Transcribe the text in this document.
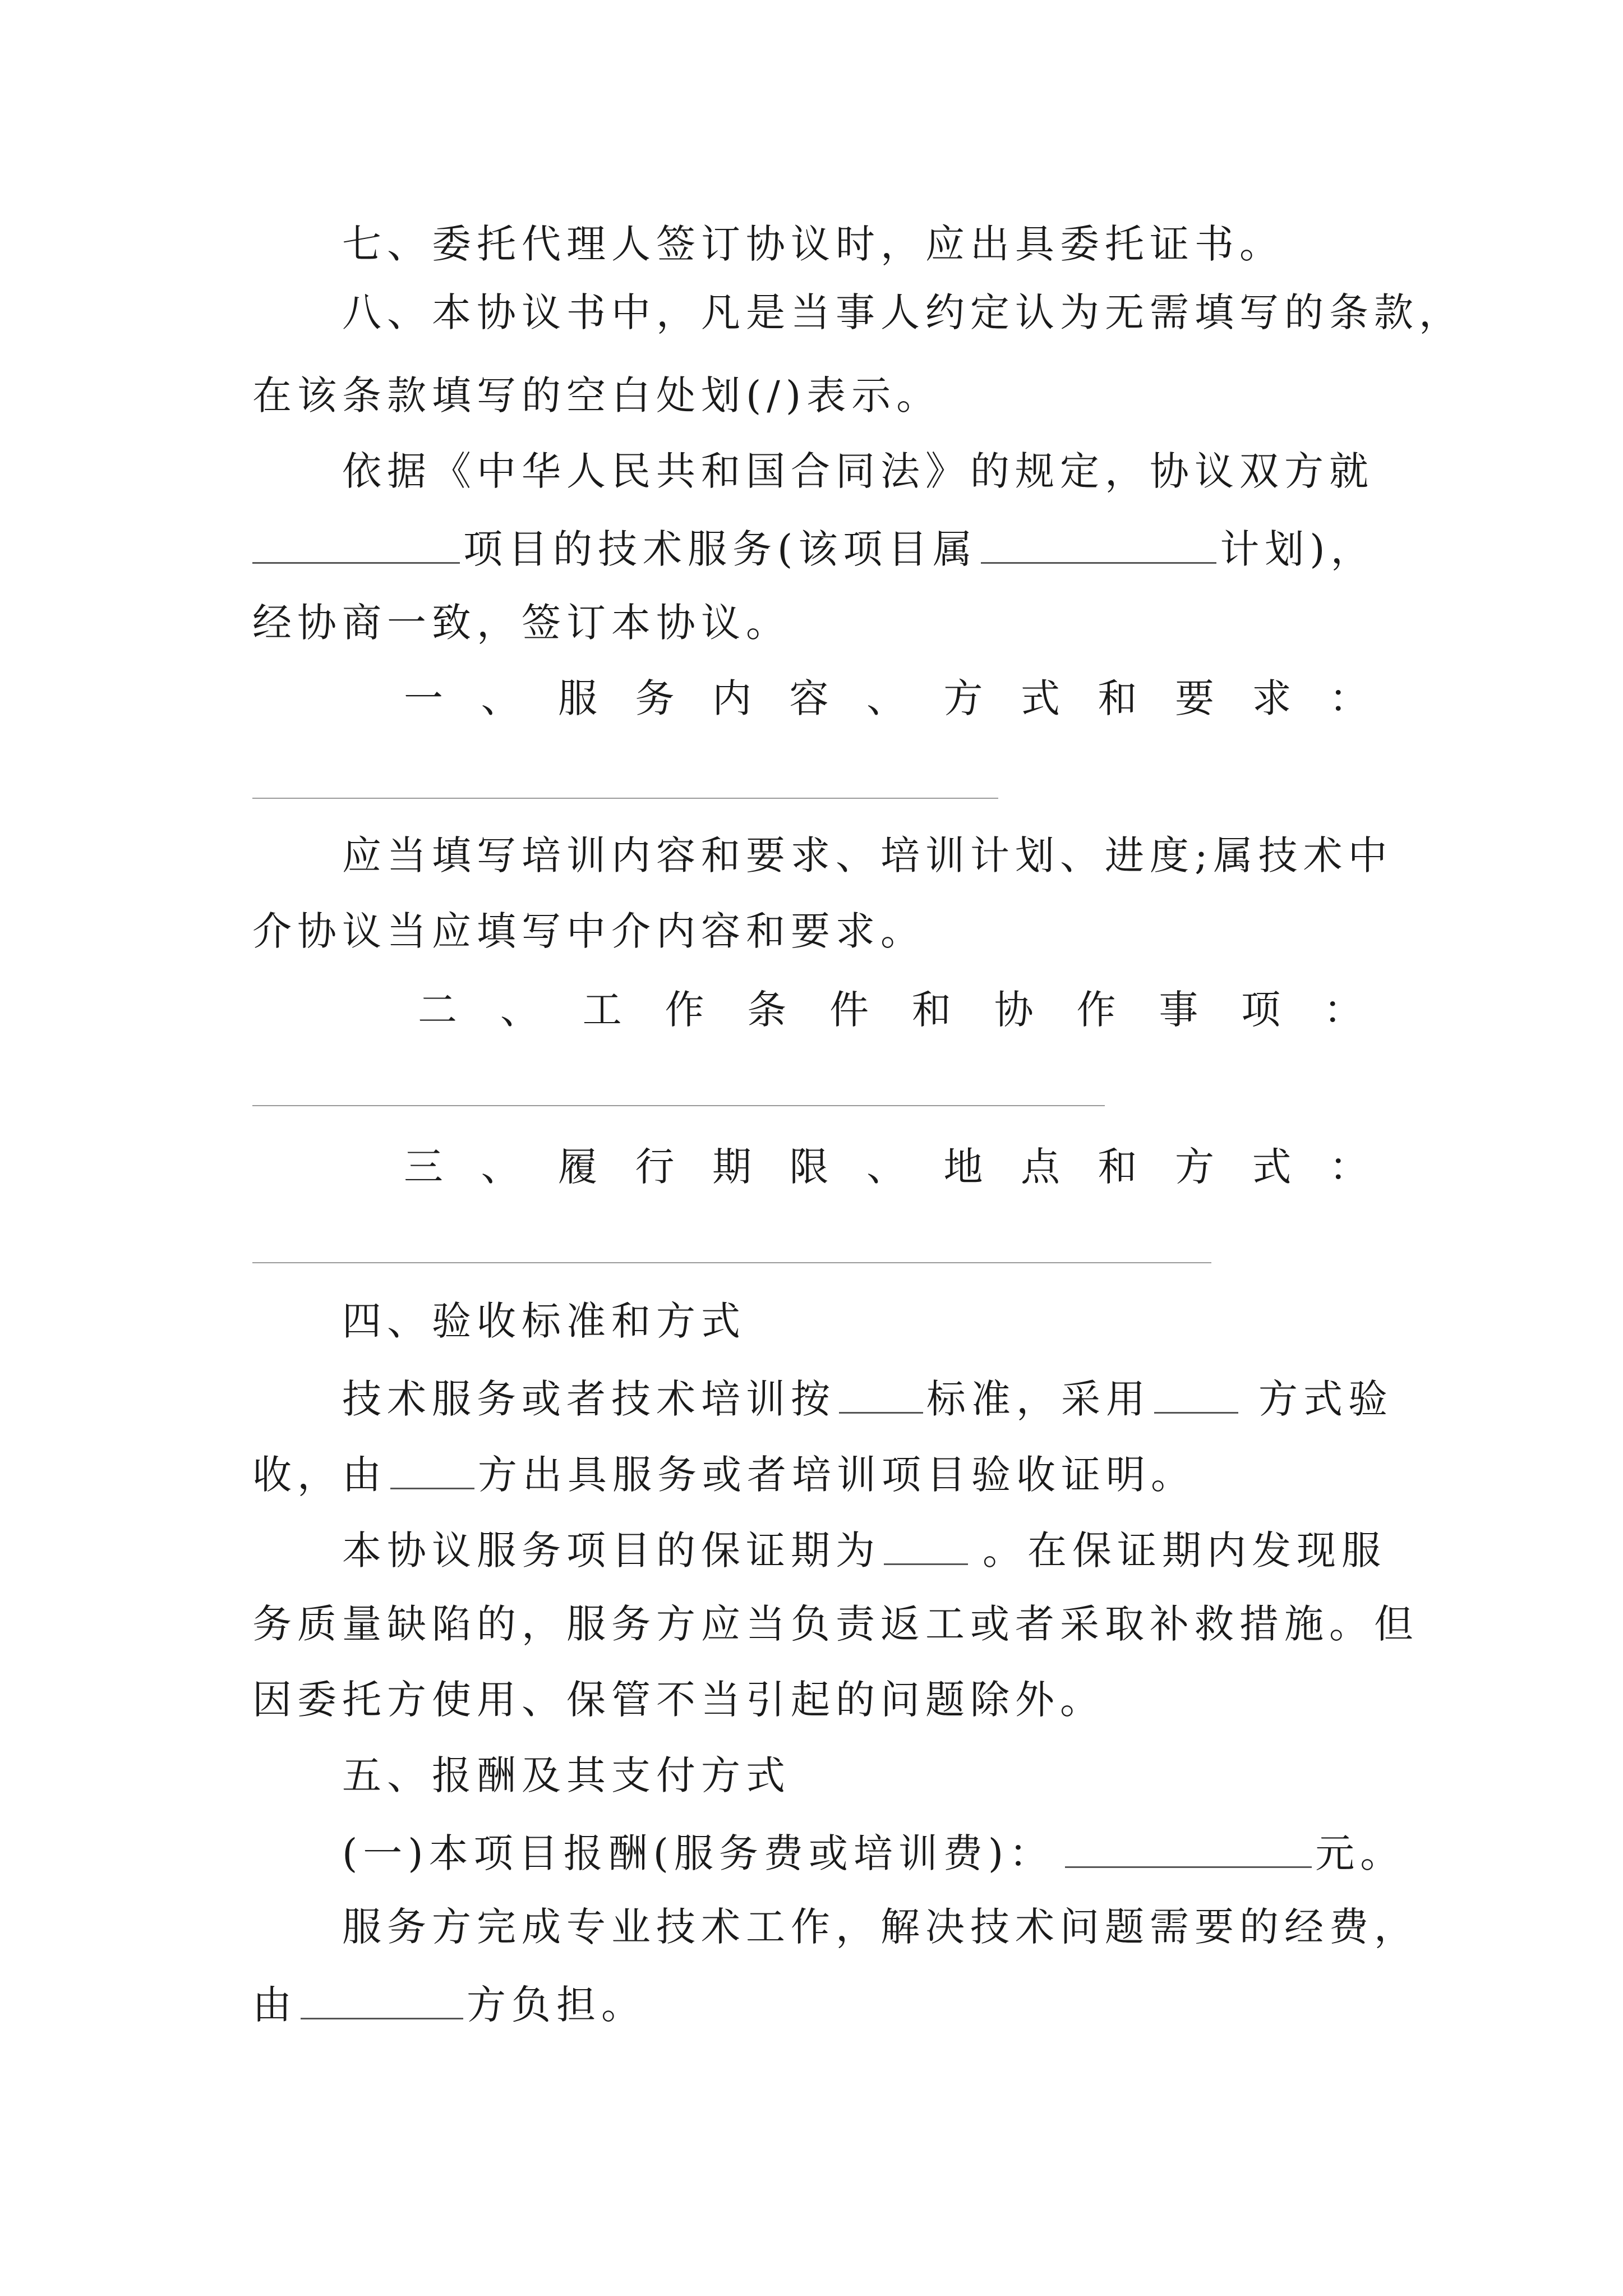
七、委托代理人签订协议时，应出具委托证书。
八、本协议书中，凡是当事人约定认为无需填写的条款，
在该条款填写的空白处划(/)表示。
依据《中华人民共和国合同法》的规定，协议双方就
项目的技术服务(该项目属	计划)，
经协商一致，签订本协议。
一 、 服 务 内 容 、 方 式 和 要 求 ：
应当填写培训内容和要求、培训计划、进度;属技术中
介协议当应填写中介内容和要求。
二 、 工 作 条 件 和 协 作 事 项 ：
三 、 履 行 期 限 、 地 点 和 方 式 ：
四、验收标准和方式
技术服务或者技术培训按 标准，采用	方式验
收，由 方出具服务或者培训项目验收证明。
本协议服务项目的保证期为	。在保证期内发现服
务质量缺陷的，服务方应当负责返工或者采取补救措施。但
因委托方使用、保管不当引起的问题除外。
五、报酬及其支付方式
(一)本项目报酬(服务费或培训费)：	元。
服务方完成专业技术工作，解决技术问题需要的经费，
由	方负担。
